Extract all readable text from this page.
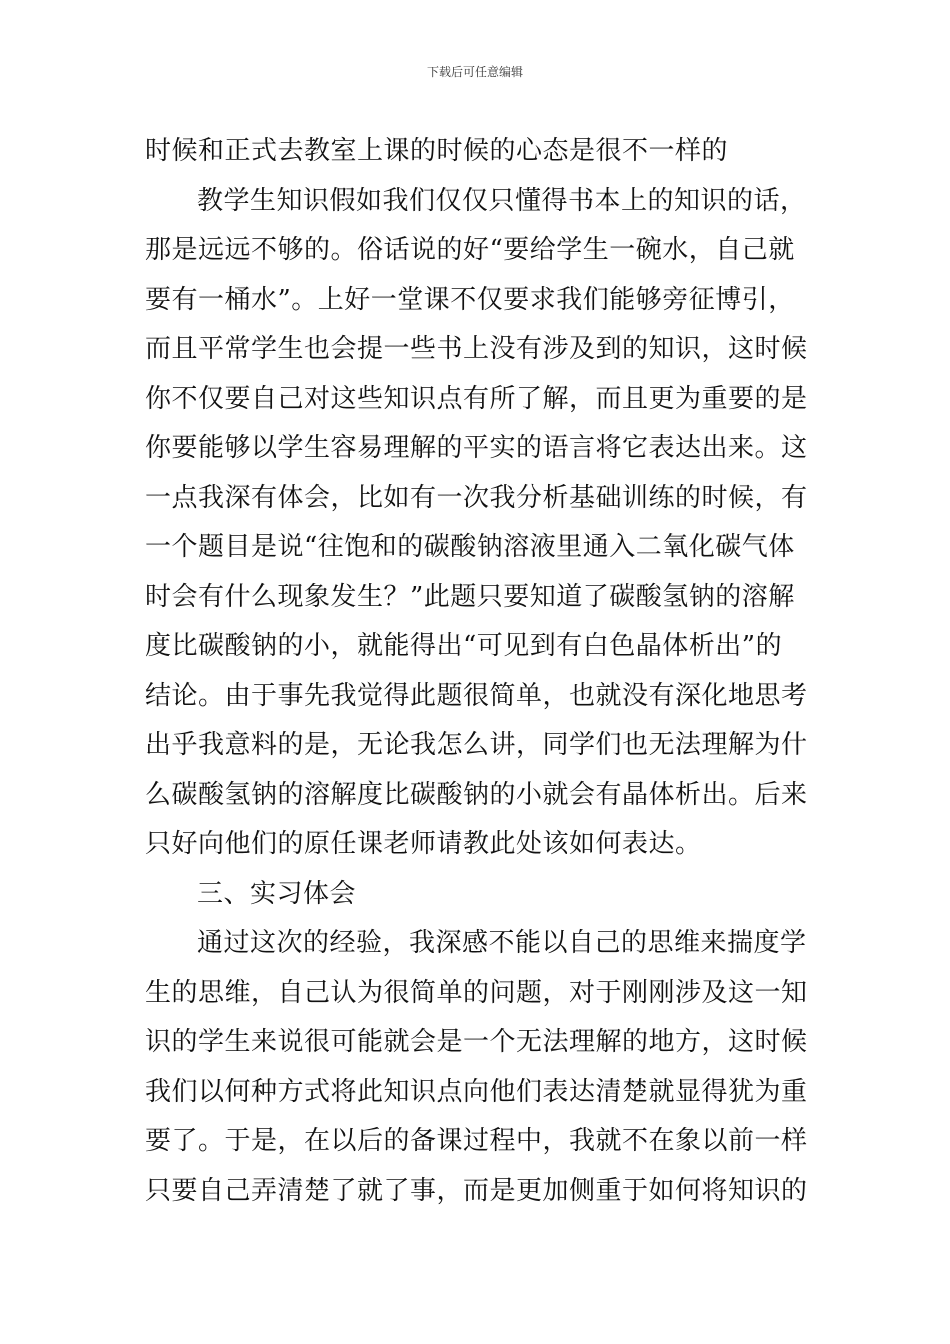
下载后可任意编辑
时候和正式去教室上课的时候的心态是很不一样的
教学生知识假如我们仅仅只懂得书本上的知识的话，
那是远远不够的。俗话说的好“要给学生一碗水，自己就
要有一桶水”。上好一堂课不仅要求我们能够旁征博引，
而且平常学生也会提一些书上没有涉及到的知识，这时候
你不仅要自己对这些知识点有所了解，而且更为重要的是
你要能够以学生容易理解的平实的语言将它表达出来。这
一点我深有体会，比如有一次我分析基础训练的时候，有
一个题目是说“往饱和的碳酸钠溶液里通入二氧化碳气体
时会有什么现象发生？”此题只要知道了碳酸氢钠的溶解
度比碳酸钠的小，就能得出“可见到有白色晶体析出”的
结论。由于事先我觉得此题很简单，也就没有深化地思考
出乎我意料的是，无论我怎么讲，同学们也无法理解为什
么碳酸氢钠的溶解度比碳酸钠的小就会有晶体析出。后来
只好向他们的原任课老师请教此处该如何表达。
三、实习体会
通过这次的经验，我深感不能以自己的思维来揣度学
生的思维，自己认为很简单的问题，对于刚刚涉及这一知
识的学生来说很可能就会是一个无法理解的地方，这时候
我们以何种方式将此知识点向他们表达清楚就显得犹为重
要了。于是，在以后的备课过程中，我就不在象以前一样
只要自己弄清楚了就了事，而是更加侧重于如何将知识的
